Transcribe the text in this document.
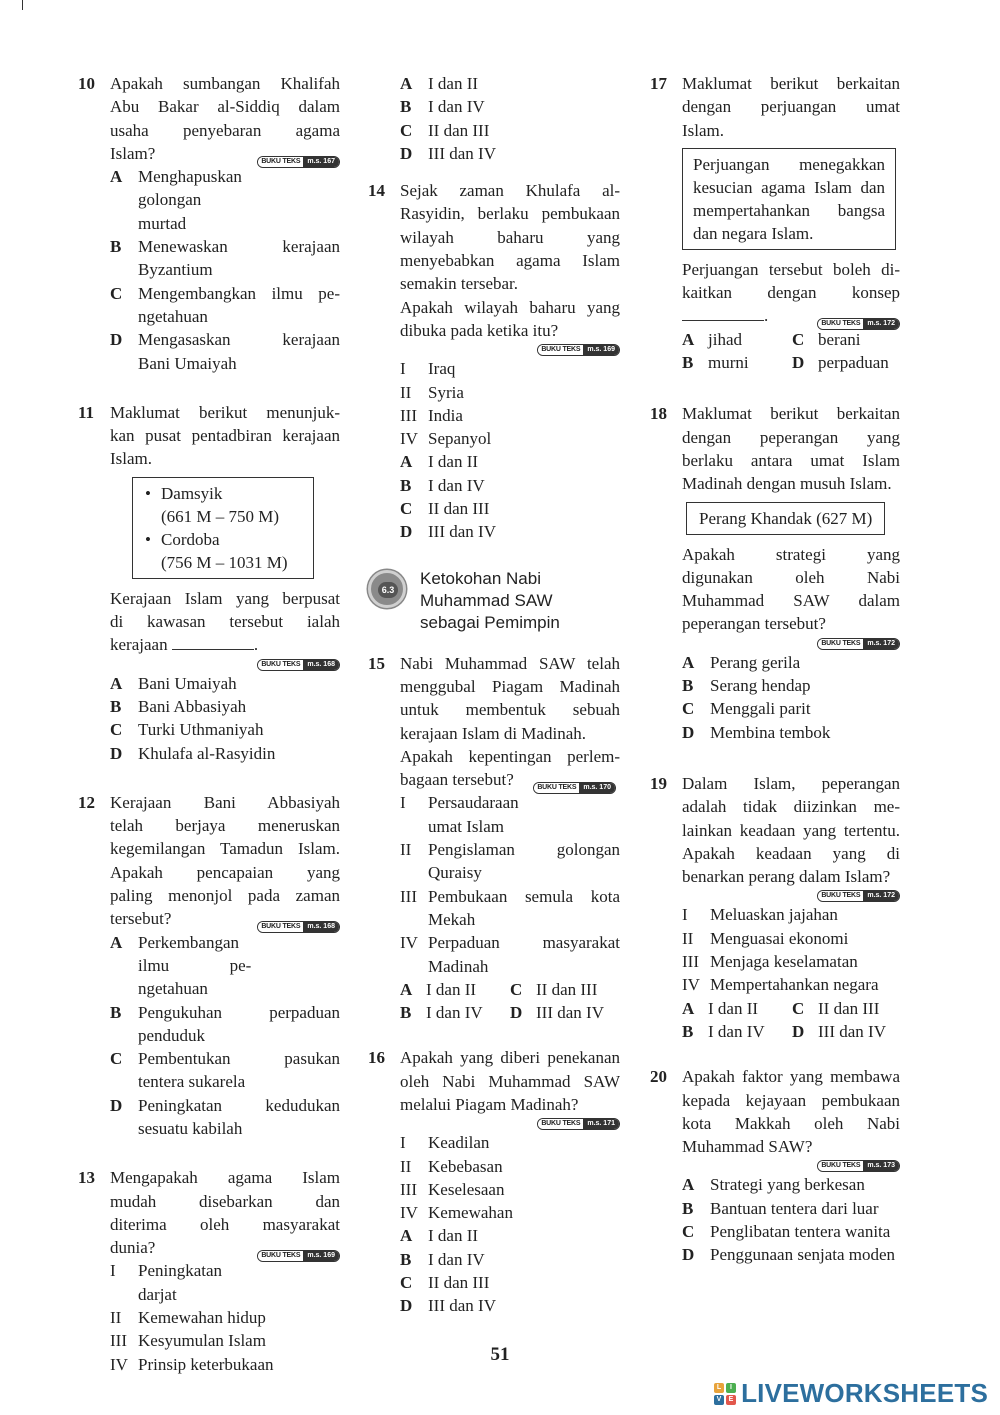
10 Apakah sumbangan Khalifah
Abu Bakar al-Siddiq dalam
usaha penyebaran agama
BUKU TEKS	m.s. 167
Islam?
A Menghapuskan golongan
murtad
B Menewaskan kerajaan
Byzantium
C Mengembangkan ilmu pe-
ngetahuan
D Mengasaskan kerajaan
Bani Umaiyah
11 Maklumat berikut menunjuk-
kan pusat pentadbiran kerajaan
Islam.
• Damsyik
(661 M – 750 M)
• Cordoba
(756 M – 1031 M)
Kerajaan Islam yang berpusat
di kawasan tersebut ialah
kerajaan	.
BUKU TEKS	m.s. 168
A Bani Umaiyah
B Bani Abbasiyah
C Turki Uthmaniyah
D Khulafa al-Rasyidin
12 Kerajaan Bani Abbasiyah
telah berjaya meneruskan
kegemilangan Tamadun Islam.
Apakah pencapaian yang
paling menonjol pada zaman
BUKU TEKS	m.s. 168
tersebut?
A Perkembangan ilmu pe-
ngetahuan
B Pengukuhan perpaduan
penduduk
C Pembentukan pasukan
tentera sukarela
D Peningkatan kedudukan
sesuatu kabilah
13 Mengapakah agama Islam
mudah disebarkan dan
diterima oleh masyarakat
BUKU TEKS	m.s. 169
dunia?
I	Peningkatan darjat
II Kemewahan hidup
III Kesyumulan Islam
IV Prinsip keterbukaan
A I dan II
B I dan IV
C II dan III
D III dan IV
14 Sejak zaman Khulafa al-
Rasyidin, berlaku pembukaan
wilayah baharu yang
menyebabkan agama Islam
semakin tersebar.
Apakah wilayah baharu yang
dibuka pada ketika itu?
BUKU TEKS	m.s. 169
I	Iraq
II Syria
III India
IV Sepanyol
A I dan II
B I dan IV
C II dan III
D III dan IV
6.3
Ketokohan Nabi
Muhammad SAW
sebagai Pemimpin
15 Nabi Muhammad SAW telah
menggubal Piagam Madinah
untuk membentuk sebuah
kerajaan Islam di Madinah.
Apakah kepentingan perlem-
BUKU TEKS	m.s. 170
bagaan tersebut?
I	Persaudaraan umat Islam
II Pengislaman golongan
Quraisy
III Pembukaan semula kota
Mekah
IV Perpaduan masyarakat
Madinah
A I dan II	C II dan III
B I dan IV	D III dan IV
16 Apakah yang diberi penekanan
oleh Nabi Muhammad SAW
melalui Piagam Madinah?
BUKU TEKS	m.s. 171
I	Keadilan
II Kebebasan
III Keselesaan
IV Kemewahan
A I dan II
B I dan IV
C II dan III
D III dan IV
17 Maklumat berikut berkaitan
dengan perjuangan umat
Islam.
Perjuangan menegakkan
kesucian agama Islam dan
mempertahankan bangsa
dan negara Islam.
Perjuangan tersebut boleh di-
kaitkan dengan konsep
BUKU TEKS	m.s. 172
.
A jihad	C berani
B murni	D perpaduan
18 Maklumat berikut berkaitan
dengan peperangan yang
berlaku antara umat Islam
Madinah dengan musuh Islam.
Perang Khandak (627 M)
Apakah strategi yang
digunakan oleh Nabi
Muhammad SAW dalam
peperangan tersebut?
BUKU TEKS	m.s. 172
A Perang gerila
B Serang hendap
C Menggali parit
D Membina tembok
19 Dalam Islam, peperangan
adalah tidak diizinkan me-
lainkan keadaan yang tertentu.
Apakah keadaan yang di
benarkan perang dalam Islam?
BUKU TEKS	m.s. 172
I	Meluaskan jajahan
II Menguasai ekonomi
III Menjaga keselamatan
IV Mempertahankan negara
A I dan II	C II dan III
B I dan IV	D III dan IV
20 Apakah faktor yang membawa
kepada kejayaan pembukaan
kota Makkah oleh Nabi
Muhammad SAW?
BUKU TEKS	m.s. 173
A Strategi yang berkesan
B Bantuan tentera dari luar
C Penglibatan tentera wanita
D Penggunaan senjata moden
51
L	I
V	E LIVEWORKSHEETS
